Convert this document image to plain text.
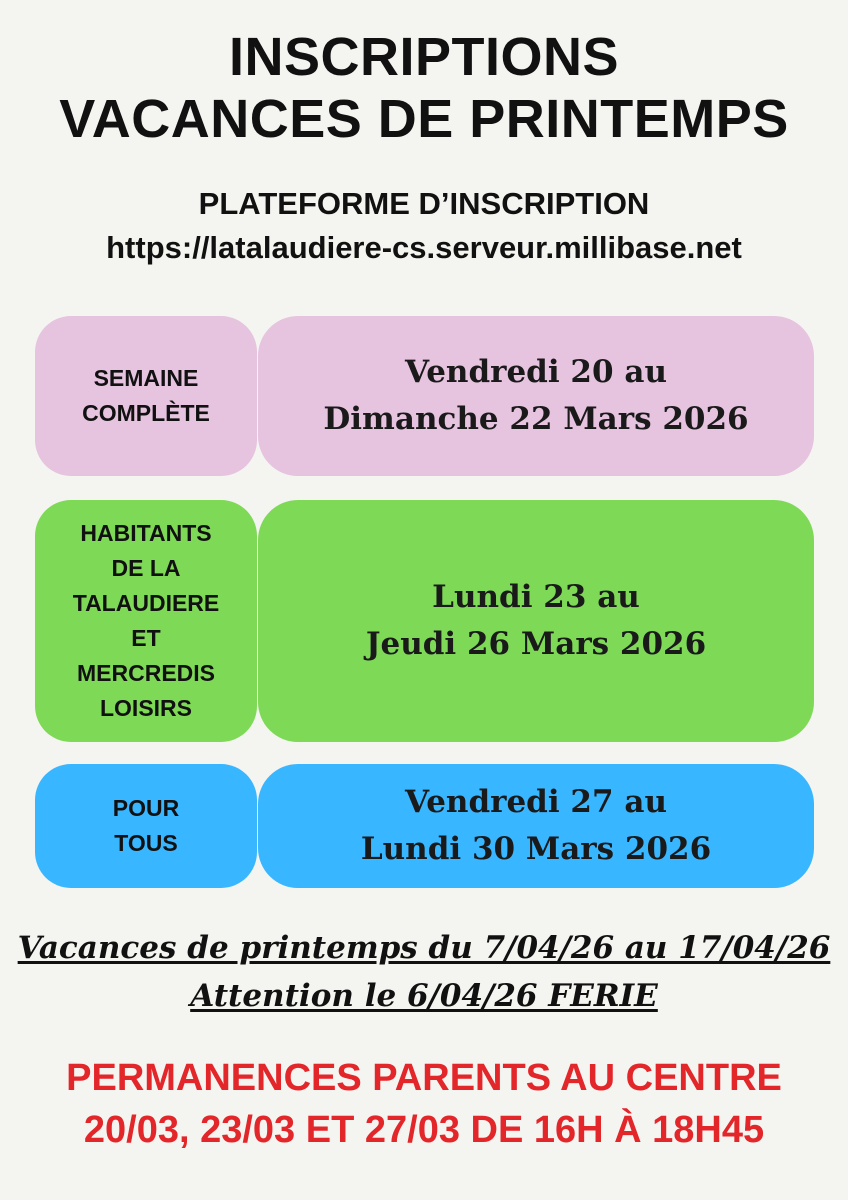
INSCRIPTIONS
VACANCES DE PRINTEMPS
PLATEFORME D’INSCRIPTION
https://latalaudiere-cs.serveur.millibase.net
SEMAINE
COMPLÈTE
Vendredi 20 au
Dimanche 22 Mars 2026
HABITANTS
DE LA
TALAUDIERE
ET
MERCREDIS
LOISIRS
Lundi 23 au
Jeudi 26 Mars 2026
POUR
TOUS
Vendredi 27 au
Lundi 30 Mars 2026
Vacances de printemps du 7/04/26 au 17/04/26
Attention le 6/04/26 FERIE
PERMANENCES PARENTS AU CENTRE
20/03, 23/03 ET 27/03 DE 16H À 18H45
